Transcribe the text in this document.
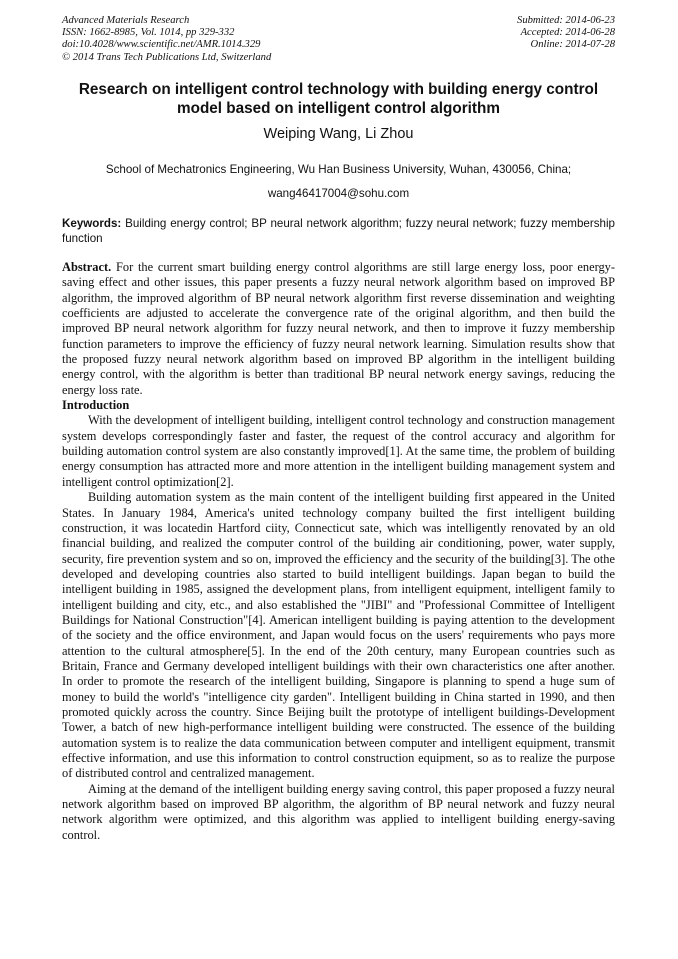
Advanced Materials Research
ISSN: 1662-8985, Vol. 1014, pp 329-332
doi:10.4028/www.scientific.net/AMR.1014.329
© 2014 Trans Tech Publications Ltd, Switzerland
Submitted: 2014-06-23
Accepted: 2014-06-28
Online: 2014-07-28
Research on intelligent control technology with building energy control model based on intelligent control algorithm
Weiping Wang, Li Zhou
School of Mechatronics Engineering, Wu Han Business University, Wuhan, 430056, China;
wang46417004@sohu.com
Keywords: Building energy control; BP neural network algorithm; fuzzy neural network; fuzzy membership function

Abstract. For the current smart building energy control algorithms are still large energy loss, poor energy-saving effect and other issues, this paper presents a fuzzy neural network algorithm based on improved BP algorithm, the improved algorithm of BP neural network algorithm first reverse dissemination and weighting coefficients are adjusted to accelerate the convergence rate of the original algorithm, and then build the improved BP neural network algorithm for fuzzy neural network, and then to improve it fuzzy membership function parameters to improve the efficiency of fuzzy neural network learning. Simulation results show that the proposed fuzzy neural network algorithm based on improved BP algorithm in the intelligent building energy control, with the algorithm is better than traditional BP neural network energy savings, reducing the energy loss rate.

Introduction

With the development of intelligent building, intelligent control technology and construction management system develops correspondingly faster and faster, the request of the control accuracy and algorithm for building automation control system are also constantly improved[1]. At the same time, the problem of building energy consumption has attracted more and more attention in the intelligent building management system and intelligent control optimization[2].

Building automation system as the main content of the intelligent building first appeared in the United States. In January 1984, America's united technology company builted the first intelligent building construction, it was locatedin Hartford ciity, Connecticut sate, which was intelligently renovated by an old financial building, and realized the computer control of the building air conditioning, power, water supply, security, fire prevention system and so on, improved the efficiency and the security of the building[3]. The othe developed and developing countries also started to build intelligent buildings. Japan began to build the intelligent building in 1985, assigned the development plans, from intelligent equipment, intelligent family to intelligent building and city, etc., and also established the "JIBI" and "Professional Committee of Intelligent Buildings for National Construction"[4]. American intelligent building is paying attention to the development of the society and the office environment, and Japan would focus on the users' requirements who pays more attention to the cultural atmosphere[5]. In the end of the 20th century, many European countries such as Britain, France and Germany developed intelligent buildings with their own characteristics one after another. In order to promote the research of the intelligent building, Singapore is planning to spend a huge sum of money to build the world's "intelligence city garden". Intelligent building in China started in 1990, and then promoted quickly across the country. Since Beijing built the prototype of intelligent buildings-Development Tower, a batch of new high-performance intelligent building were constructed. The essence of the building automation system is to realize the data communication between computer and intelligent equipment, transmit effective information, and use this information to control construction equipment, so as to realize the purpose of distributed control and centralized management.

Aiming at the demand of the intelligent building energy saving control, this paper proposed a fuzzy neural network algorithm based on improved BP algorithm, the algorithm of BP neural network and fuzzy neural network algorithm were optimized, and this algorithm was applied to intelligent building energy-saving control.
